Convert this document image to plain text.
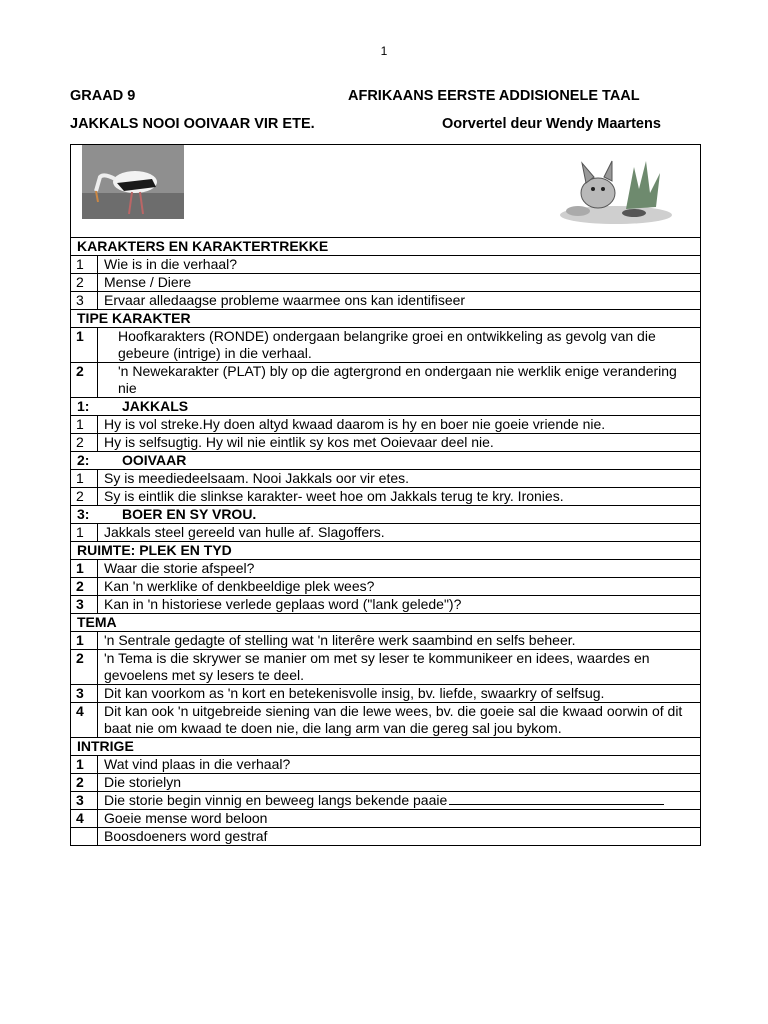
1
GRAAD 9	AFRIKAANS EERSTE ADDISIONELE TAAL
JAKKALS NOOI OOIVAAR VIR ETE.	Oorvertel deur Wendy Maartens
KARAKTERS EN KARAKTERTREKKE
1	Wie is in die verhaal?
2	Mense / Diere
3	Ervaar alledaagse probleme waarmee ons kan identifiseer
TIPE KARAKTER
1	Hoofkarakters (RONDE) ondergaan belangrike groei en ontwikkeling as gevolg van die gebeure (intrige) in die verhaal.
2	'n Newekarakter (PLAT) bly op die agtergrond en ondergaan nie werklik enige verandering nie
1:	JAKKALS
1	Hy is vol streke.Hy doen altyd kwaad daarom is hy en boer nie goeie vriende nie.
2	Hy is selfsugtig. Hy wil nie eintlik sy kos met Ooievaar deel nie.
2:	OOIVAAR
1	Sy is meediedeelsaam. Nooi Jakkals oor vir etes.
2	Sy is eintlik die slinkse karakter- weet hoe om Jakkals terug te kry. Ironies.
3:	BOER EN SY VROU.
1	Jakkals steel gereeld van hulle af. Slagoffers.
RUIMTE: PLEK EN TYD
1	Waar die storie afspeel?
2	Kan 'n werklike of denkbeeldige plek wees?
3	Kan in 'n historiese verlede geplaas word ("lank gelede")?
TEMA
1	'n Sentrale gedagte of stelling wat 'n literêre werk saambind en selfs beheer.
2	'n Tema is die skrywer se manier om met sy leser te kommunikeer en idees, waardes en gevoelens met sy lesers te deel.
3	Dit kan voorkom as 'n kort en betekenisvolle insig, bv. liefde, swaarkry of selfsug.
4	Dit kan ook 'n uitgebreide siening van die lewe wees, bv. die goeie sal die kwaad oorwin of dit baat nie om kwaad te doen nie, die lang arm van die gereg sal jou bykom.
INTRIGE
1	Wat vind plaas in die verhaal?
2	Die storielyn
3	Die storie begin vinnig en beweeg langs bekende paaie
4	Goeie mense word beloon
Boosdoeners word gestraf
